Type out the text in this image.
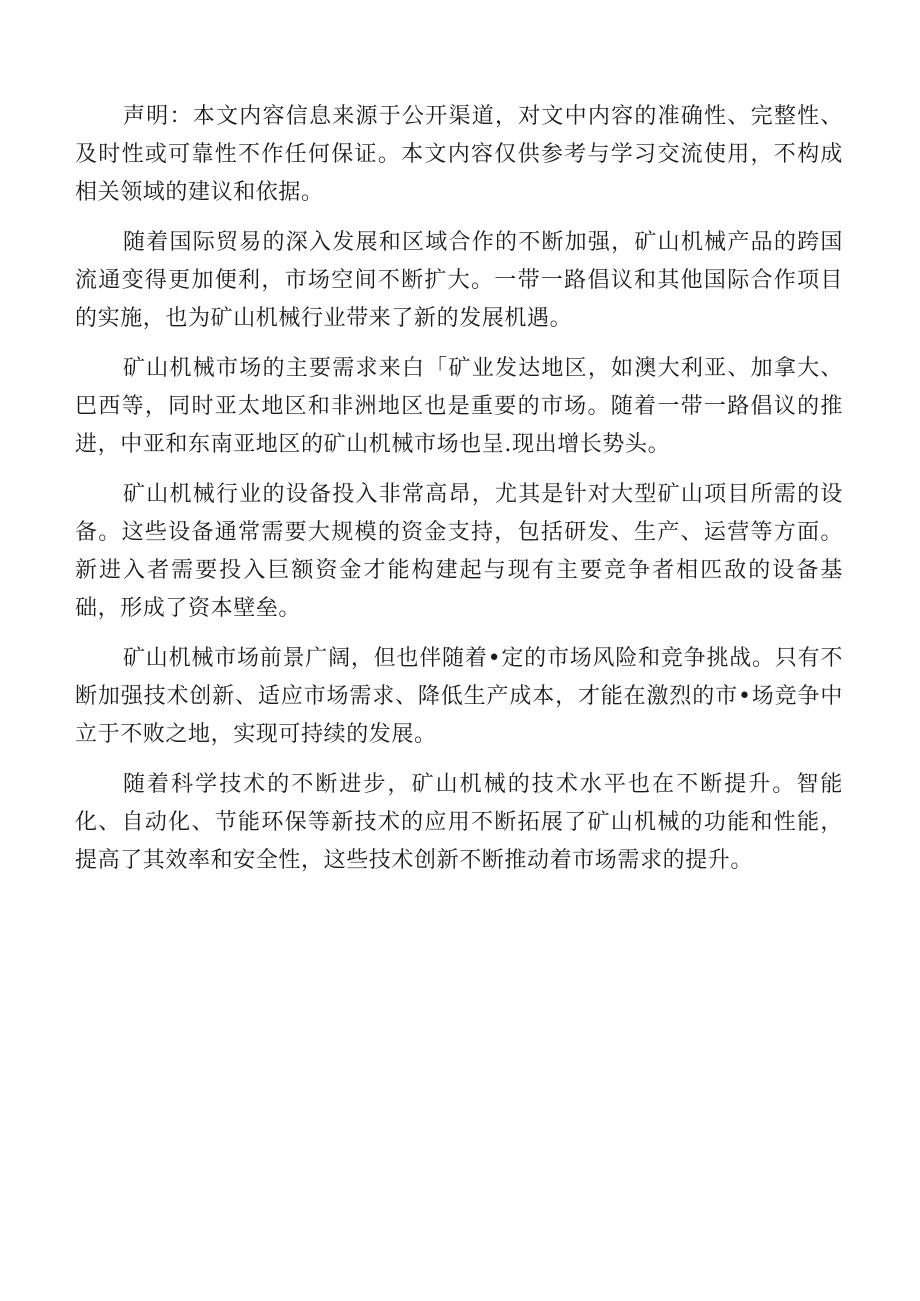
声明：本文内容信息来源于公开渠道，对文中内容的准确性、完整性、及时性或可靠性不作任何保证。本文内容仅供参考与学习交流使用，不构成相关领域的建议和依据。

随着国际贸易的深入发展和区域合作的不断加强，矿山机械产品的跨国流通变得更加便利，市场空间不断扩大。一带一路倡议和其他国际合作项目的实施，也为矿山机械行业带来了新的发展机遇。

矿山机械市场的主要需求来白「矿业发达地区，如澳大利亚、加拿大、巴西等，同时亚太地区和非洲地区也是重要的市场。随着一带一路倡议的推进，中亚和东南亚地区的矿山机械市场也呈.现出增长势头。

矿山机械行业的设备投入非常高昂，尤其是针对大型矿山项目所需的设备。这些设备通常需要大规模的资金支持，包括研发、生产、运营等方面。新进入者需要投入巨额资金才能构建起与现有主要竞争者相匹敌的设备基础，形成了资本壁垒。

矿山机械市场前景广阔，但也伴随着•定的市场风险和竞争挑战。只有不断加强技术创新、适应市场需求、降低生产成本，才能在激烈的市•场竞争中立于不败之地，实现可持续的发展。

随着科学技术的不断进步，矿山机械的技术水平也在不断提升。智能化、自动化、节能环保等新技术的应用不断拓展了矿山机械的功能和性能，提高了其效率和安全性，这些技术创新不断推动着市场需求的提升。
